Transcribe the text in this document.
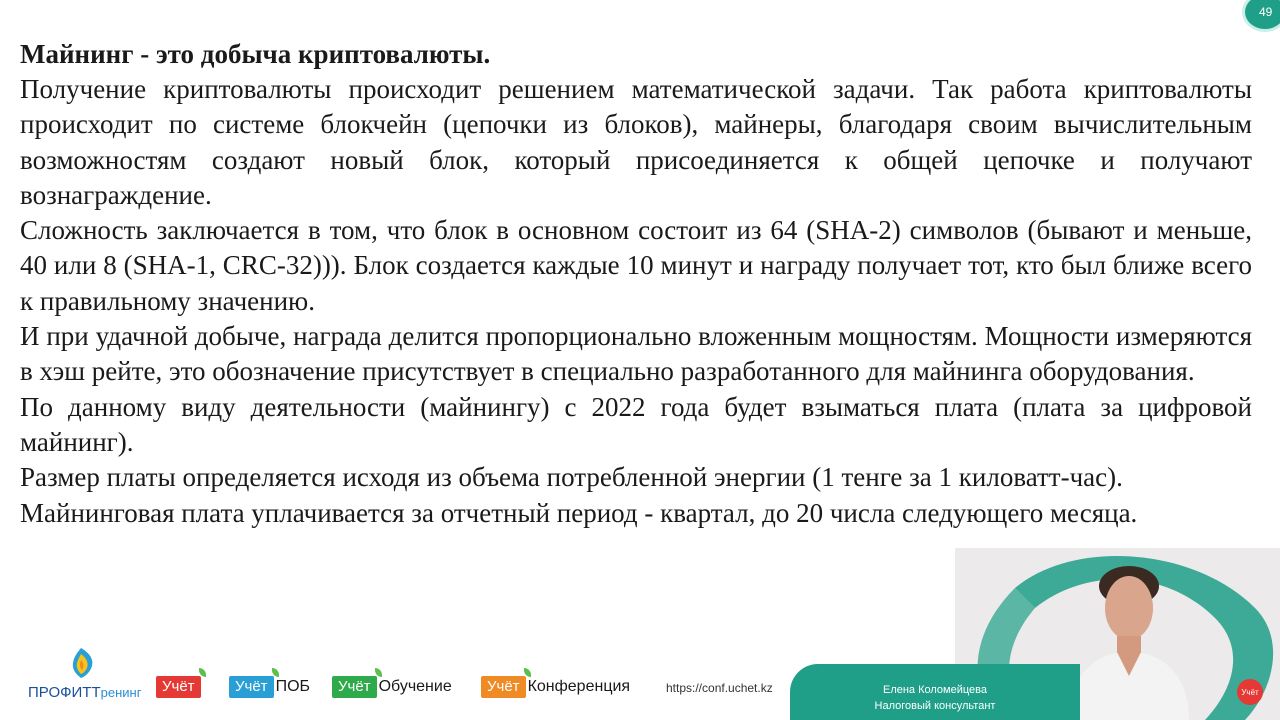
Майнинг - это добыча криптовалюты.

Получение криптовалюты происходит решением математической задачи. Так работа криптовалюты происходит по системе блокчейн (цепочки из блоков), майнеры, благодаря своим вычислительным возможностям создают новый блок, который присоединяется к общей цепочке и получают вознаграждение.

Сложность заключается в том, что блок в основном состоит из 64 (SHA-2) символов (бывают и меньше, 40 или 8 (SHA-1, CRC-32))). Блок создается каждые 10 минут и награду получает тот, кто был ближе всего к правильному значению.

И при удачной добыче, награда делится пропорционально вложенным мощностям. Мощности измеряются в хэш рейте, это обозначение присутствует в специально разработанного для майнинга оборудования.

По данному виду деятельности (майнингу) с 2022 года будет взыматься плата (плата за цифровой майнинг).

Размер платы определяется исходя из объема потребленной энергии (1 тенге за 1 киловатт-час).

Майнинговая плата уплачивается за отчетный период - квартал, до 20 числа следующего месяца.

49
ПРОФИТТренинг	Учёт	Учёт ПОБ	Учёт Обучение	Учёт Конференция	https://conf.uchet.kz	Елена Коломейцева
Налоговый консультант
Учёт
